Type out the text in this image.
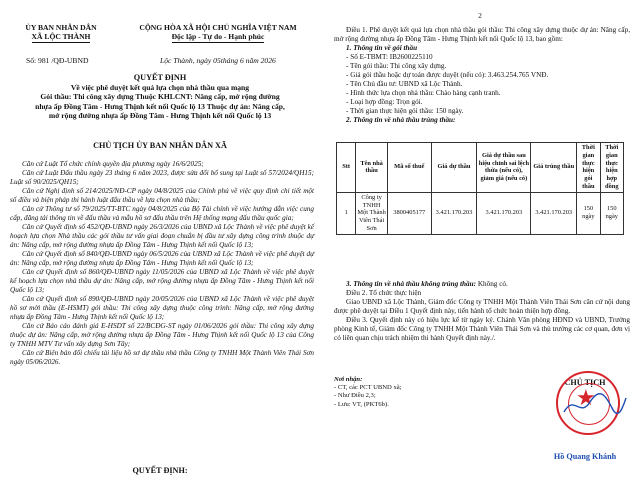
ỦY BAN NHÂN DÂN
XÃ LỘC THÀNH
CỘNG HÒA XÃ HỘI CHỦ NGHĨA VIỆT NAM
Độc lập - Tự do - Hạnh phúc
Số: 981 /QĐ-UBND	Lộc Thành, ngày 05tháng 6 năm 2026
QUYẾT ĐỊNH
Về việc phê duyệt kết quả lựa chọn nhà thầu qua mạng
Gói thầu: Thi công xây dựng Thuộc KHLCNT: Nâng cấp, mở rộng đường
nhựa ấp Đồng Tâm - Hưng Thịnh kết nối Quốc lộ 13 Thuộc dự án: Nâng cấp,
mở rộng đường nhựa ấp Đồng Tâm - Hưng Thịnh kết nối Quốc lộ 13
CHỦ TỊCH ỦY BAN NHÂN DÂN XÃ

Căn cứ Luật Tổ chức chính quyền địa phương ngày 16/6/2025;

Căn cứ Luật Đấu thầu ngày 23 tháng 6 năm 2023, được sửa đổi bổ sung tại Luật số 57/2024/QH15; Luật số 90/2025/QH15;

Căn cứ Nghị định số 214/2025/NĐ-CP ngày 04/8/2025 của Chính phủ về việc quy định chi tiết một số điều và biện pháp thi hành luật đấu thầu về lựa chọn nhà thầu;

Căn cứ Thông tư số 79/2025/TT-BTC ngày 04/8/2025 của Bộ Tài chính về việc hướng dẫn việc cung cấp, đăng tải thông tin về đấu thầu và mẫu hồ sơ đấu thầu trên Hệ thống mạng đấu thầu quốc gia;

Căn cứ Quyết định số 452/QĐ-UBND ngày 26/3/2026 của UBND xã Lộc Thành về việc phê duyệt kế hoạch lựa chọn Nhà thầu các gói thầu tư vấn giai đoạn chuẩn bị đầu tư xây dựng công trình thuộc dự án: Nâng cấp, mở rộng đường nhựa ấp Đồng Tâm - Hưng Thịnh kết nối Quốc lộ 13;

Căn cứ Quyết định số 840/QĐ-UBND ngày 06/5/2026 của UBND xã Lộc Thành về việc phê duyệt dự án: Nâng cấp, mở rộng đường nhựa ấp Đồng Tâm - Hưng Thịnh kết nối Quốc lộ 13;

Căn cứ Quyết định số 860/QĐ-UBND ngày 11/05/2026 của UBND xã Lộc Thành về việc phê duyệt kế hoạch lựa chọn nhà thầu dự án: Nâng cấp, mở rộng đường nhựa ấp Đồng Tâm - Hưng Thịnh kết nối Quốc lộ 13;

Căn cứ Quyết định số 890/QĐ-UBND ngày 20/05/2026 của UBND xã Lộc Thành về việc phê duyệt hồ sơ mời thầu (E-HSMT) gói thầu: Thi công xây dựng thuộc công trình: Nâng cấp, mở rộng đường nhựa ấp Đồng Tâm - Hưng Thịnh kết nối Quốc lộ 13;

Căn cứ Báo cáo đánh giá E-HSDT số 22/BCĐG-ST ngày 01/06/2026 gói thầu: Thi công xây dựng thuộc dự án: Nâng cấp, mở rộng đường nhựa ấp Đồng Tâm - Hưng Thịnh kết nối Quốc lộ 13 của Công ty TNHH MTV Tư vấn xây dựng Sơn Tây;

Căn cứ Biên bản đối chiếu tài liệu hồ sơ dự thầu nhà thầu Công ty TNHH Một Thành Viên Thái Sơn ngày 05/06/2026.

QUYẾT ĐỊNH:
2

Điều 1. Phê duyệt kết quả lựa chọn nhà thầu gói thầu: Thi công xây dựng thuộc dự án: Nâng cấp, mở rộng đường nhựa ấp Đồng Tâm - Hưng Thịnh kết nối Quốc lộ 13, bao gồm:

1. Thông tin về gói thầu

- Số E-TBMT: IB2600225110

- Tên gói thầu: Thi công xây dựng.

- Giá gói thầu hoặc dự toán được duyệt (nếu có): 3.463.254.765 VNĐ.

- Tên Chủ đầu tư: UBND xã Lộc Thành.

- Hình thức lựa chọn nhà thầu: Chào hàng cạnh tranh.

- Loại hợp đồng: Trọn gói.

- Thời gian thực hiện gói thầu: 150 ngày.

2. Thông tin về nhà thầu trúng thầu:

Stt	Tên nhà thầu	Mã số thuế	Giá dự thầu	Giá dự thầu sau hiệu chỉnh sai lệch thừa (nếu có), giảm giá (nếu có)	Giá trúng thầu	Thời gian thực hiện gói thầu	Thời gian thực hiện hợp đồng
1	Công ty TNHH Một Thành Viên Thái Sơn	3800405177	3.421.170.203	3.421.170.203	3.421.170.203	150 ngày	150 ngày

3. Thông tin về nhà thầu không trúng thầu: Không có.

Điều 2. Tổ chức thực hiện

Giao UBND xã Lộc Thành, Giám đốc Công ty TNHH Một Thành Viên Thái Sơn căn cứ nội dung được phê duyệt tại Điều 1 Quyết định này, tiến hành tổ chức hoàn thiện hợp đồng.

Điều 3. Quyết định này có hiệu lực kể từ ngày ký. Chánh Văn phòng HĐND và UBND, Trưởng phòng Kinh tế, Giám đốc Công ty TNHH Một Thành Viên Thái Sơn và thủ trưởng các cơ quan, đơn vị có liên quan chịu trách nhiệm thi hành Quyết định này./.

Nơi nhận:
- CT, các PCT UBND xã;
- Như Điều 2,3;
- Lưu: VT, (PKT6b).
CHỦ TỊCH
★
Hồ Quang Khánh
